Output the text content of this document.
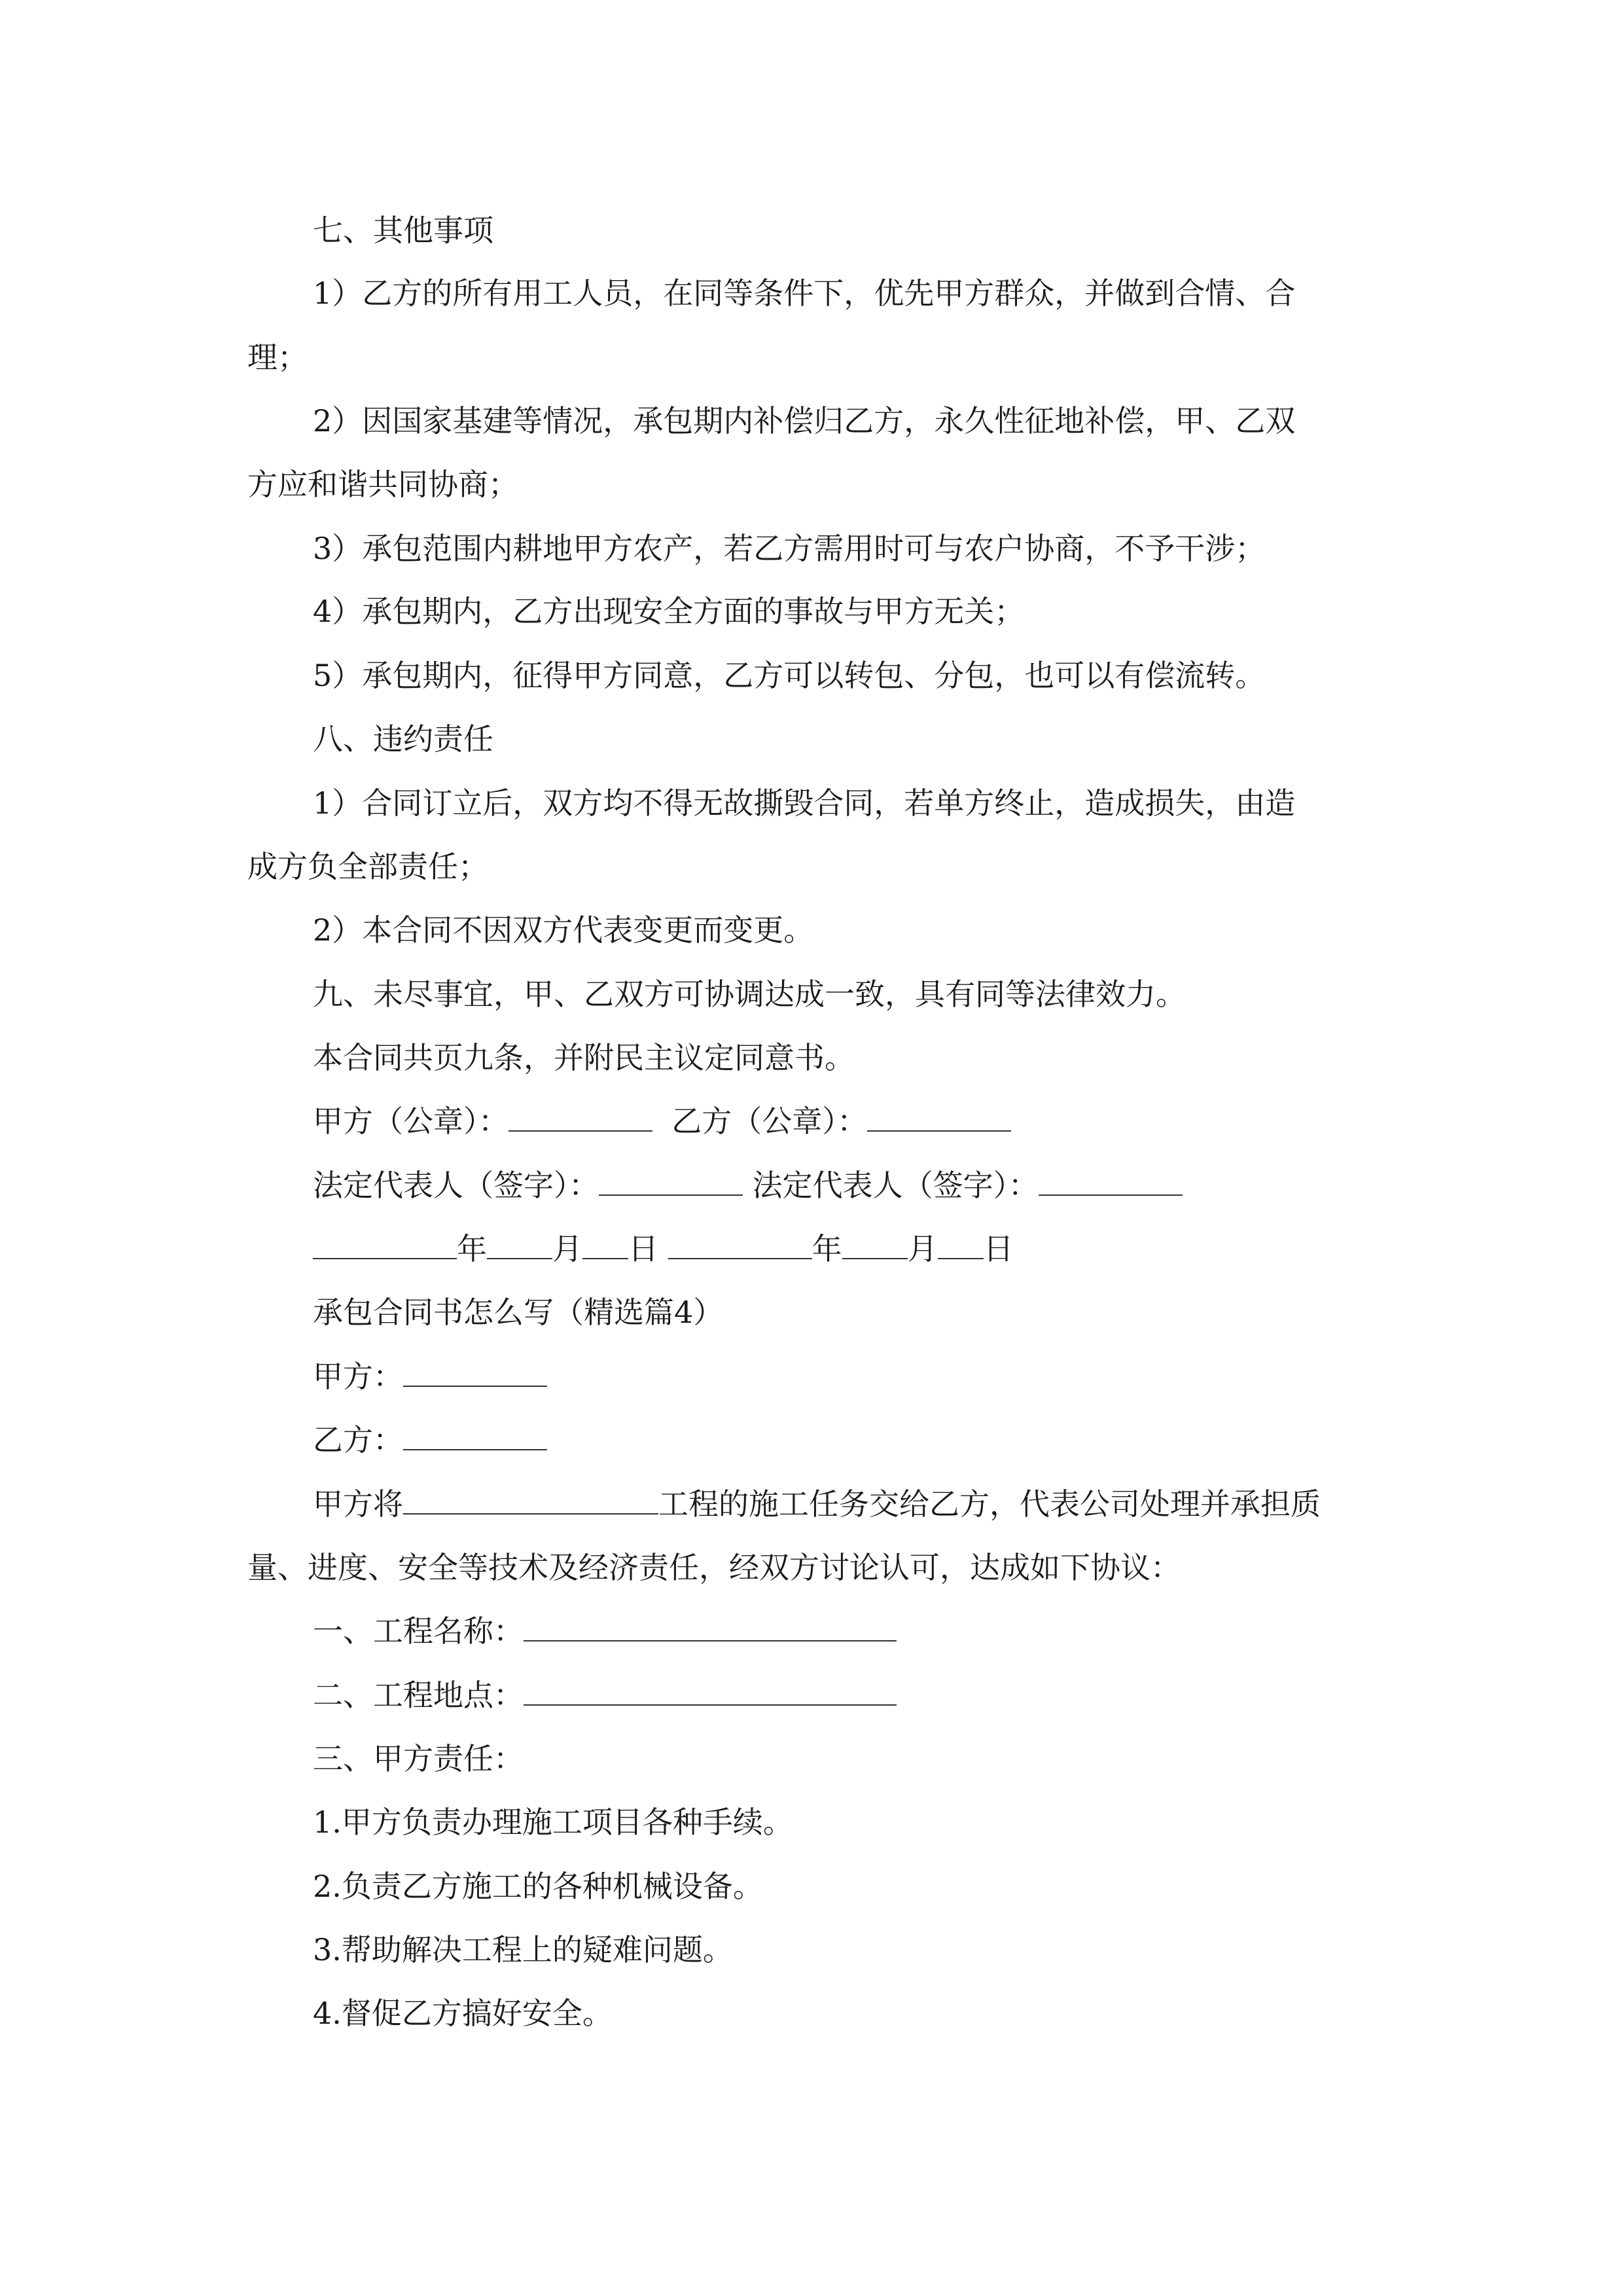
七、其他事项
1）乙方的所有用工人员，在同等条件下，优先甲方群众，并做到合情、合
理；
2）因国家基建等情况，承包期内补偿归乙方，永久性征地补偿，甲、乙双
方应和谐共同协商；
3）承包范围内耕地甲方农产，若乙方需用时可与农户协商，不予干涉；
4）承包期内，乙方出现安全方面的事故与甲方无关；
5）承包期内，征得甲方同意，乙方可以转包、分包，也可以有偿流转。
八、违约责任
1）合同订立后，双方均不得无故撕毁合同，若单方终止，造成损失，由造
成方负全部责任；
2）本合同不因双方代表变更而变更。
九、未尽事宜，甲、乙双方可协调达成一致，具有同等法律效力。
本合同共页九条，并附民主议定同意书。
甲方（公章）：	乙方（公章）：
法定代表人（签字）：	法定代表人（签字）：
年 月 日	年 月 日
承包合同书怎么写（精选篇4）
甲方：
乙方：
甲方将	工程的施工任务交给乙方，代表公司处理并承担质
量、进度、安全等技术及经济责任，经双方讨论认可，达成如下协议：
一、工程名称：
二、工程地点：
三、甲方责任：
1.甲方负责办理施工项目各种手续。
2.负责乙方施工的各种机械设备。
3.帮助解决工程上的疑难问题。
4.督促乙方搞好安全。
